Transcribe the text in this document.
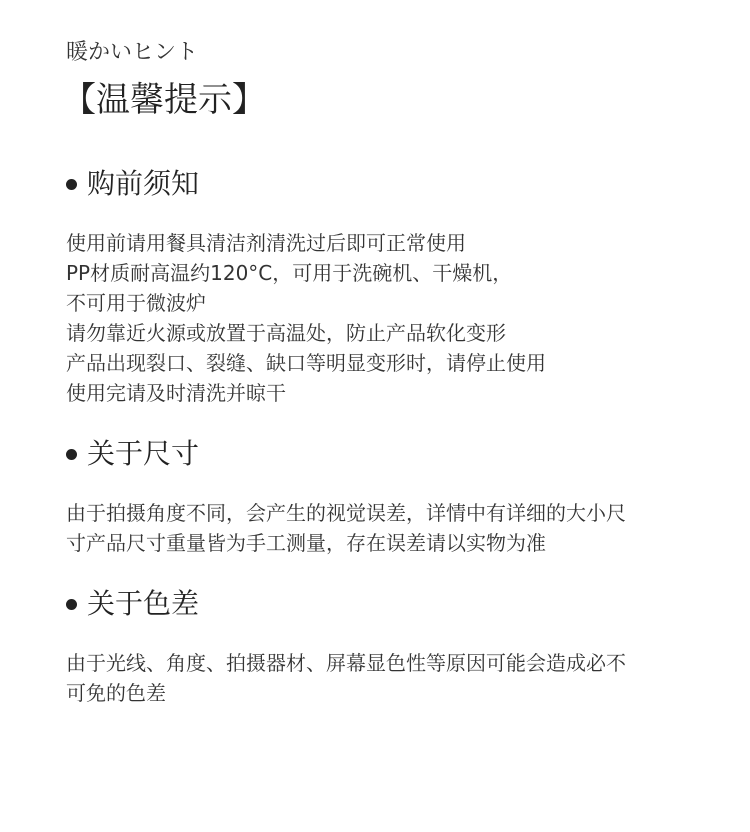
暖かいヒント
【温馨提示】
购前须知
使用前请用餐具清洁剂清洗过后即可正常使用
PP材质耐高温约120°C，可用于洗碗机、干燥机，
不可用于微波炉
请勿靠近火源或放置于高温处，防止产品软化变形
产品出现裂口、裂缝、缺口等明显变形时，请停止使用
使用完请及时清洗并晾干
关于尺寸
由于拍摄角度不同，会产生的视觉误差，详情中有详细的大小尺
寸产品尺寸重量皆为手工测量，存在误差请以实物为准
关于色差
由于光线、角度、拍摄器材、屏幕显色性等原因可能会造成必不
可免的色差
